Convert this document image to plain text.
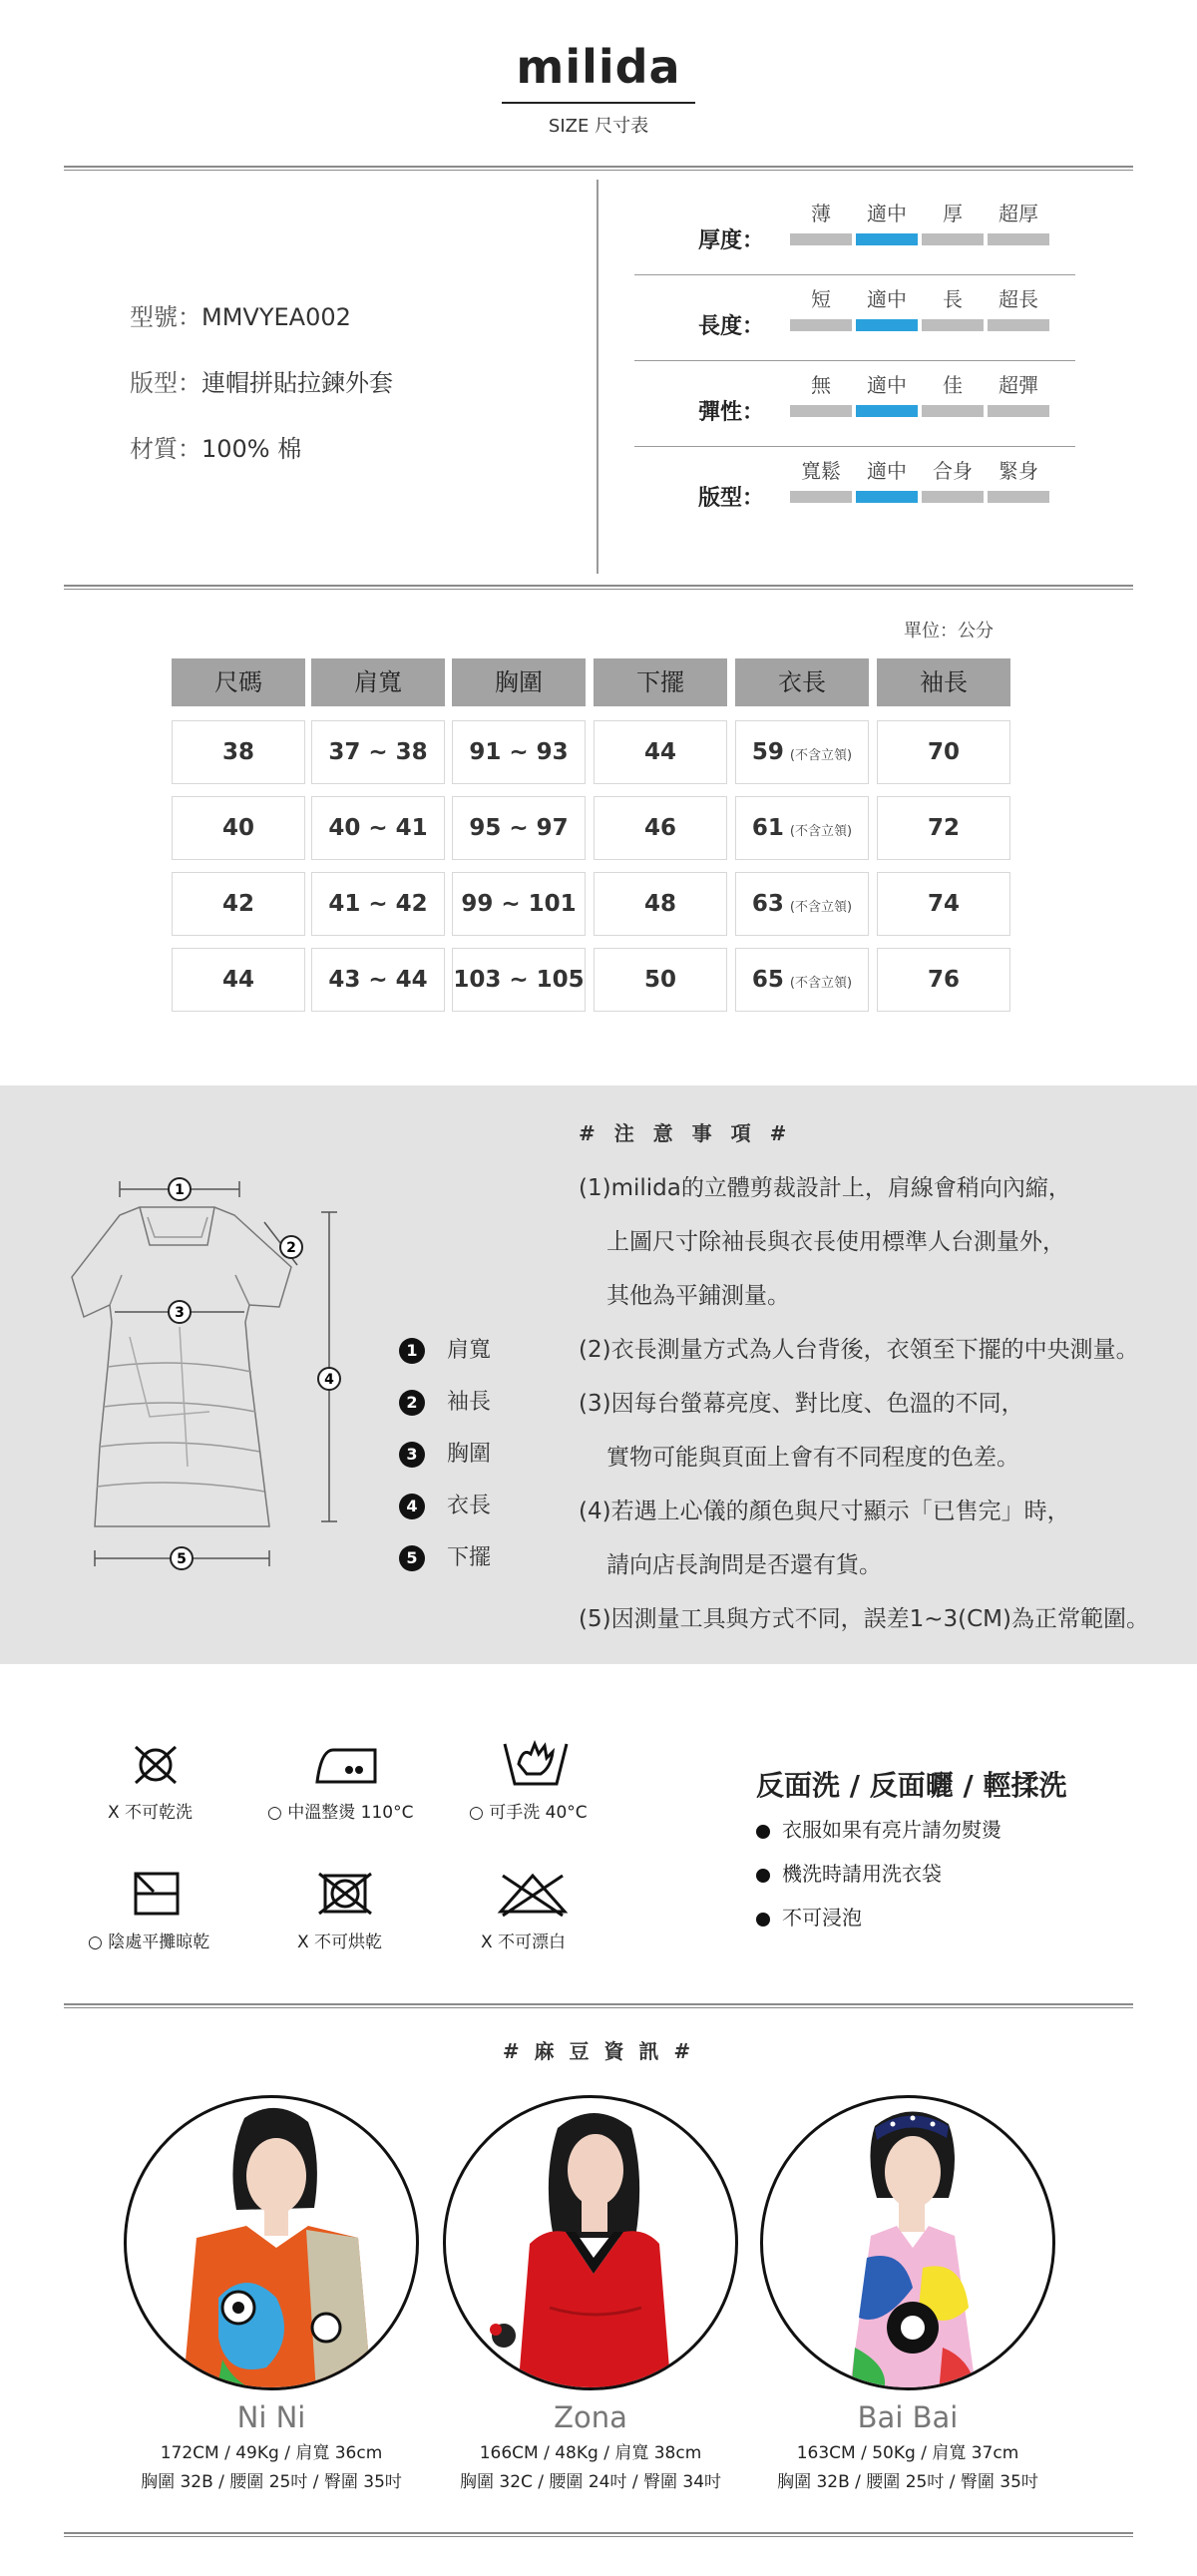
milida
SIZE 尺寸表
型號：MMVYEA002
版型：連帽拼貼拉鍊外套
材質：100% 棉
厚度：
薄	適中	厚	超厚
長度：
短	適中	長	超長
彈性：
無	適中	佳	超彈
版型：
寬鬆	適中	合身	緊身
單位：公分
尺碼	肩寬	胸圍	下擺	衣長	袖長
38	37 ~ 38	91 ~ 93	44	59 (不含立領)	70
40	40 ~ 41	95 ~ 97	46	61 (不含立領)	72
42	41 ~ 42	99 ~ 101	48	63 (不含立領)	74
44	43 ~ 44	103 ~ 105	50	65 (不含立領)	76
1
2
3
4
5
1 肩寬
2 袖長
3 胸圍
4 衣長
5 下擺
# 注 意 事 項 #
(1)milida的立體剪裁設計上，肩線會稍向內縮，
上圖尺寸除袖長與衣長使用標準人台測量外，
其他為平鋪測量。
(2)衣長測量方式為人台背後，衣領至下擺的中央測量。
(3)因每台螢幕亮度、對比度、色溫的不同，
實物可能與頁面上會有不同程度的色差。
(4)若遇上心儀的顏色與尺寸顯示「已售完」時，
請向店長詢問是否還有貨。
(5)因測量工具與方式不同，誤差1~3(CM)為正常範圍。
X 不可乾洗	○ 中溫整燙 110°C	○ 可手洗 40°C
○ 陰處平攤晾乾	X 不可烘乾	X 不可漂白
反面洗 / 反面曬 / 輕揉洗
衣服如果有亮片請勿熨燙
機洗時請用洗衣袋
不可浸泡
# 麻 豆 資 訊 #
Ni Ni
172CM / 49Kg / 肩寬 36cm
胸圍 32B / 腰圍 25吋 / 臀圍 35吋
Zona
166CM / 48Kg / 肩寬 38cm
胸圍 32C / 腰圍 24吋 / 臀圍 34吋
Bai Bai
163CM / 50Kg / 肩寬 37cm
胸圍 32B / 腰圍 25吋 / 臀圍 35吋
